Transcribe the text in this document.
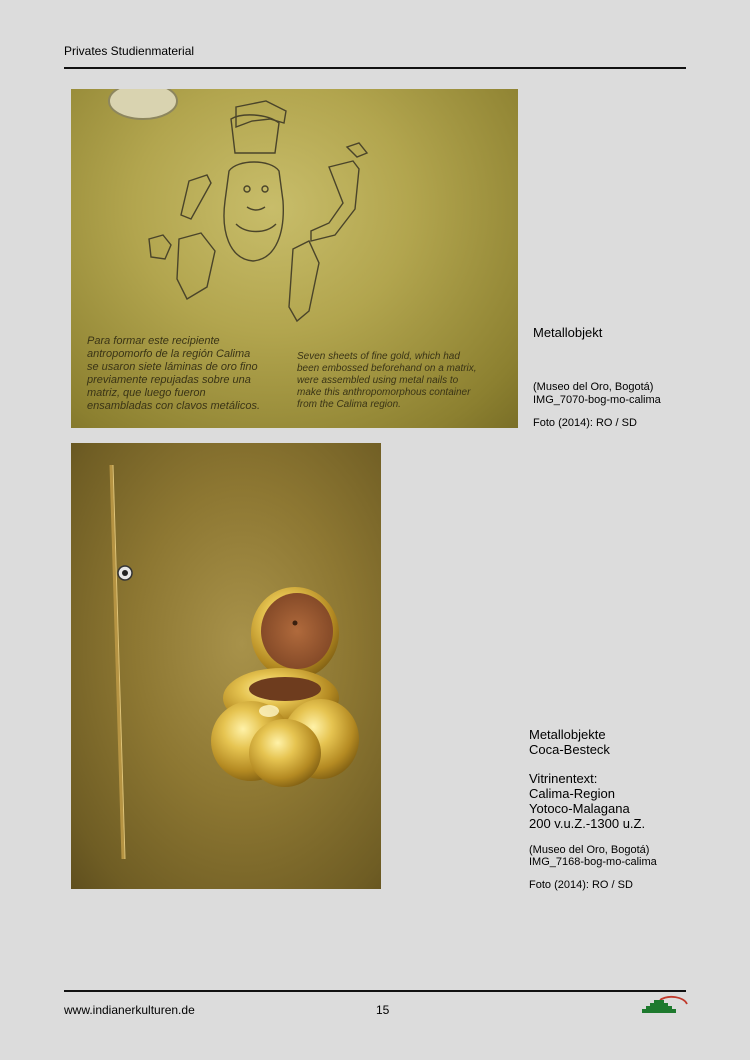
Privates Studienmaterial
Para formar este recipiente
antropomorfo de la región Calima
se usaron siete láminas de oro fino
previamente repujadas sobre una
matriz, que luego fueron
ensambladas con clavos metálicos.
Seven sheets of fine gold, which had
been embossed beforehand on a matrix,
were assembled using metal nails to
make this anthropomorphous container
from the Calima region.
Metallobjekt
(Museo del Oro, Bogotá)
IMG_7070-bog-mo-calima
Foto (2014): RO / SD
Metallobjekte
Coca-Besteck
Vitrinentext:
Calima-Region
Yotoco-Malagana
200 v.u.Z.-1300 u.Z.
(Museo del Oro, Bogotá)
IMG_7168-bog-mo-calima
Foto (2014): RO / SD
www.indianerkulturen.de	15
